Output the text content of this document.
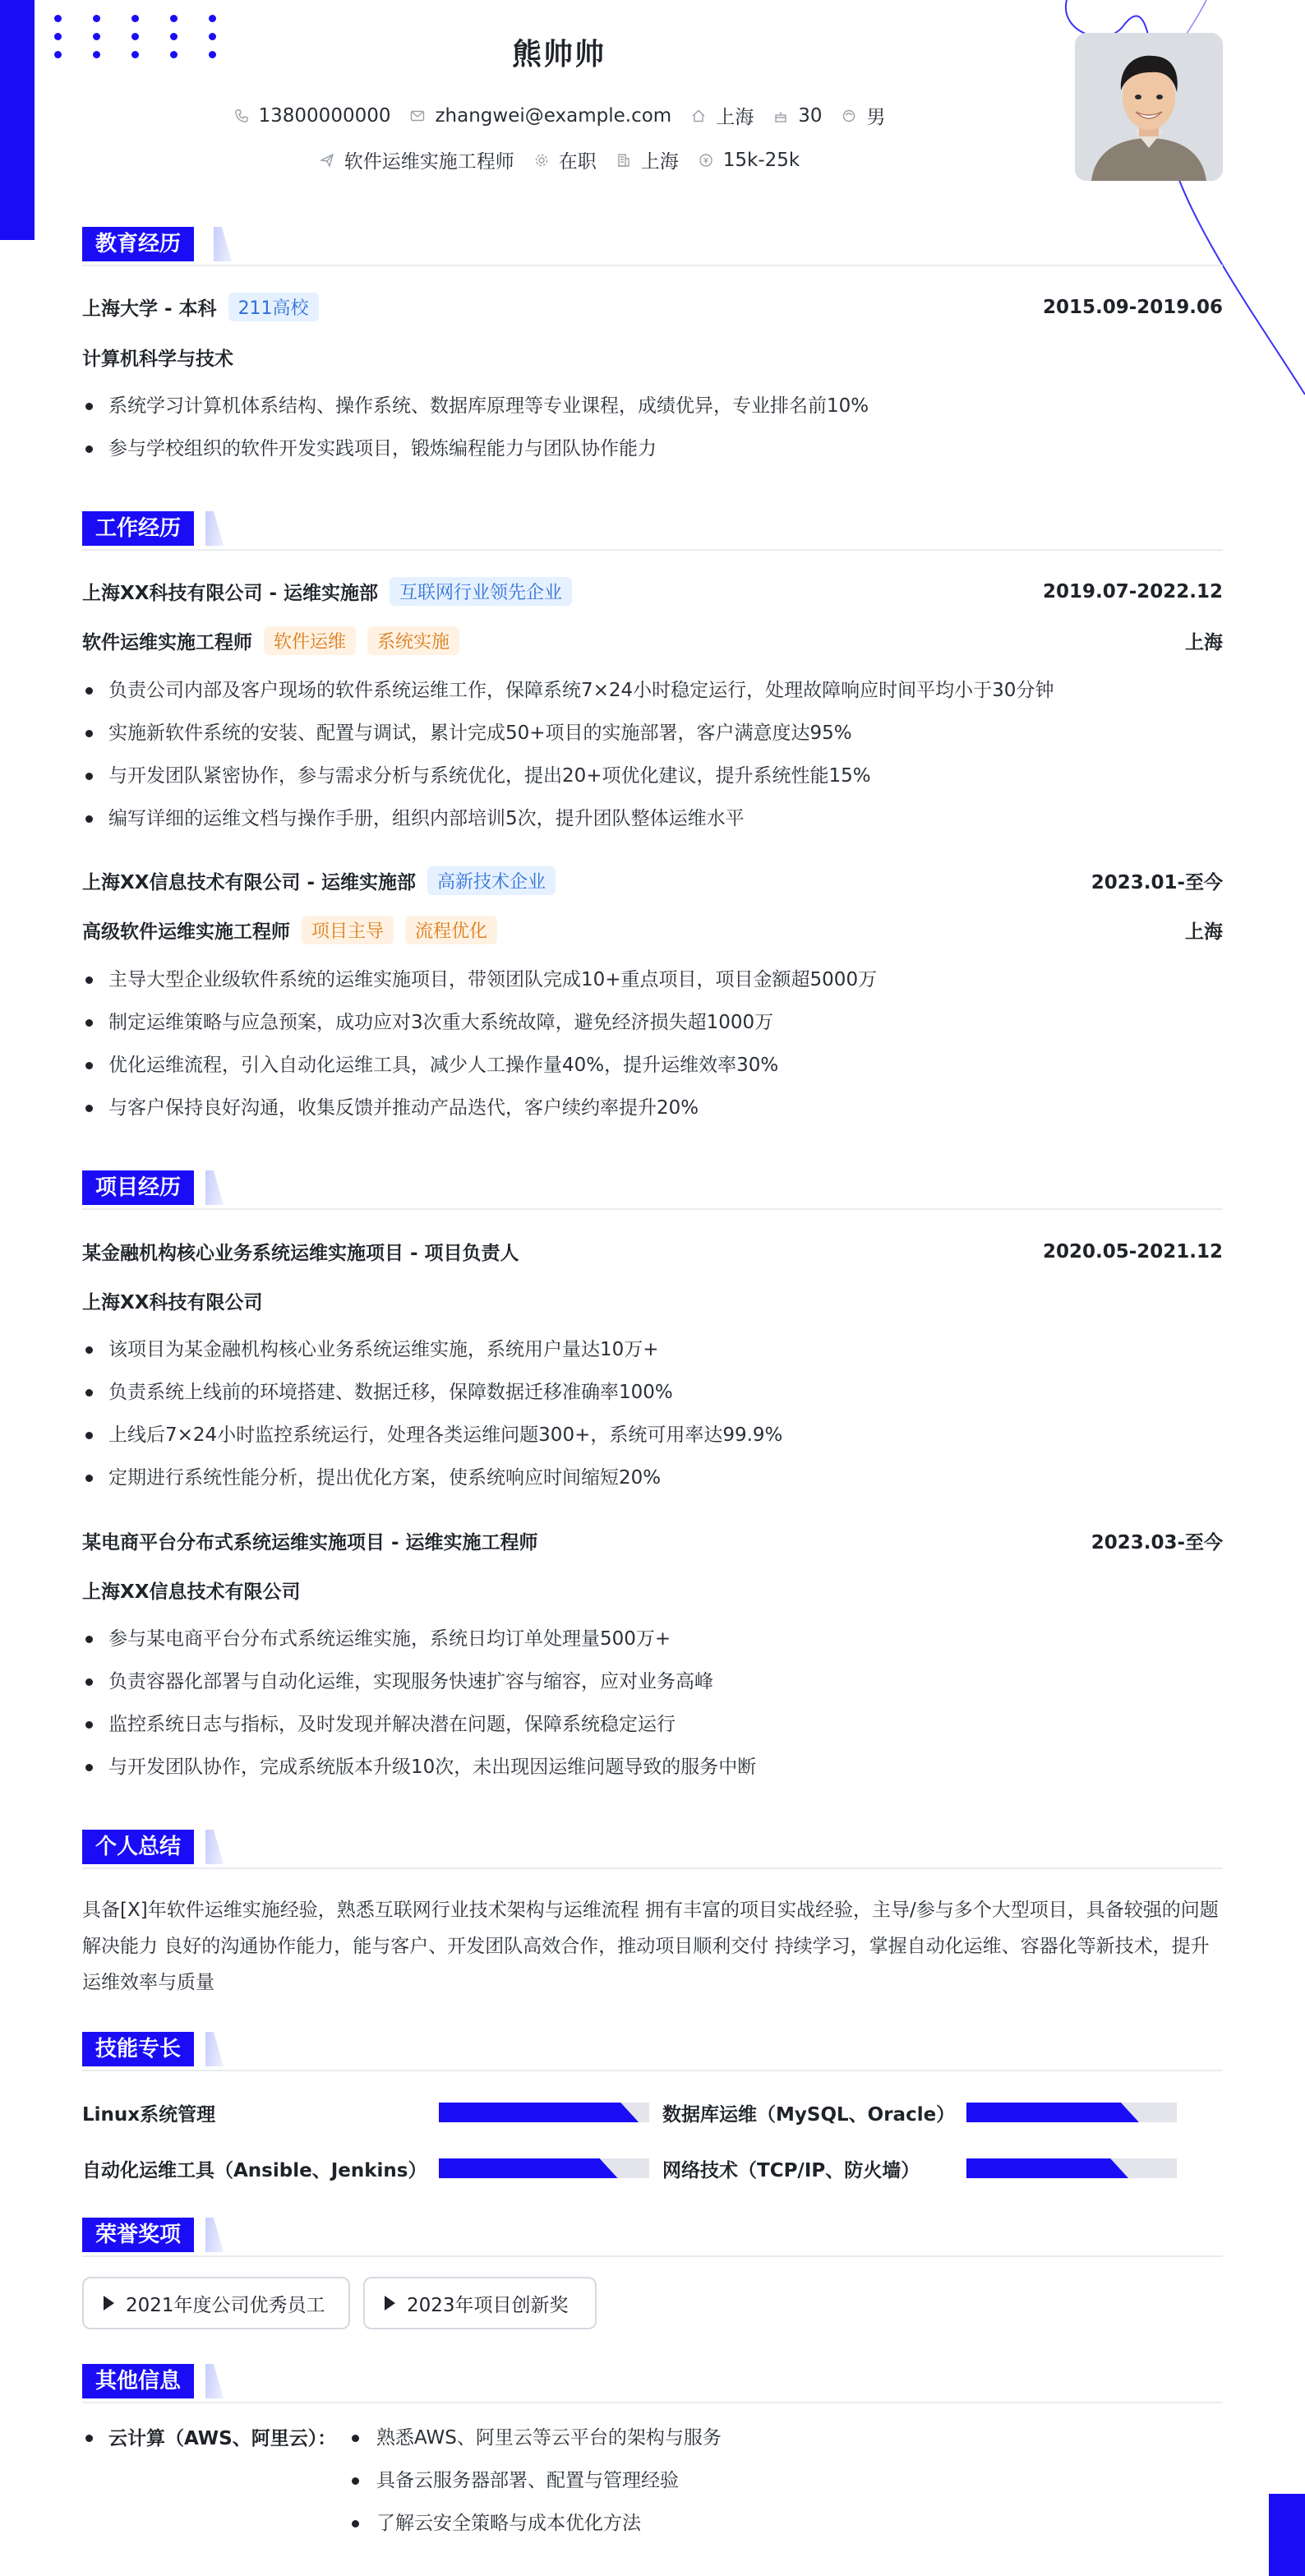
熊帅帅
13800000000 zhangwei@example.com 上海 30 男
软件运维实施工程师 在职 上海 15k-25k
教育经历
上海大学 - 本科	211高校	2015.09-2019.06
计算机科学与技术
系统学习计算机体系结构、操作系统、数据库原理等专业课程，成绩优异，专业排名前10%
参与学校组织的软件开发实践项目，锻炼编程能力与团队协作能力
工作经历
上海XX科技有限公司 - 运维实施部	互联网行业领先企业	2019.07-2022.12
软件运维实施工程师	软件运维	系统实施	上海
负责公司内部及客户现场的软件系统运维工作，保障系统7×24小时稳定运行，处理故障响应时间平均小于30分钟
实施新软件系统的安装、配置与调试，累计完成50+项目的实施部署，客户满意度达95%
与开发团队紧密协作，参与需求分析与系统优化，提出20+项优化建议，提升系统性能15%
编写详细的运维文档与操作手册，组织内部培训5次，提升团队整体运维水平
上海XX信息技术有限公司 - 运维实施部	高新技术企业	2023.01-至今
高级软件运维实施工程师	项目主导	流程优化	上海
主导大型企业级软件系统的运维实施项目，带领团队完成10+重点项目，项目金额超5000万
制定运维策略与应急预案，成功应对3次重大系统故障，避免经济损失超1000万
优化运维流程，引入自动化运维工具，减少人工操作量40%，提升运维效率30%
与客户保持良好沟通，收集反馈并推动产品迭代，客户续约率提升20%
项目经历
某金融机构核心业务系统运维实施项目 - 项目负责人	2020.05-2021.12
上海XX科技有限公司
该项目为某金融机构核心业务系统运维实施，系统用户量达10万+
负责系统上线前的环境搭建、数据迁移，保障数据迁移准确率100%
上线后7×24小时监控系统运行，处理各类运维问题300+，系统可用率达99.9%
定期进行系统性能分析，提出优化方案，使系统响应时间缩短20%
某电商平台分布式系统运维实施项目 - 运维实施工程师	2023.03-至今
上海XX信息技术有限公司
参与某电商平台分布式系统运维实施，系统日均订单处理量500万+
负责容器化部署与自动化运维，实现服务快速扩容与缩容，应对业务高峰
监控系统日志与指标，及时发现并解决潜在问题，保障系统稳定运行
与开发团队协作，完成系统版本升级10次，未出现因运维问题导致的服务中断
个人总结

具备[X]年软件运维实施经验，熟悉互联网行业技术架构与运维流程 拥有丰富的项目实战经验，主导/参与多个大型项目，具备较强的问题解决能力 良好的沟通协作能力，能与客户、开发团队高效合作，推动项目顺利交付 持续学习，掌握自动化运维、容器化等新技术，提升运维效率与质量

技能专长
Linux系统管理	数据库运维（MySQL、Oracle）
自动化运维工具（Ansible、Jenkins）	网络技术（TCP/IP、防火墙）
荣誉奖项
2021年度公司优秀员工	2023年项目创新奖
其他信息
云计算（AWS、阿里云）：	熟悉AWS、阿里云等云平台的架构与服务
具备云服务器部署、配置与管理经验
了解云安全策略与成本优化方法
